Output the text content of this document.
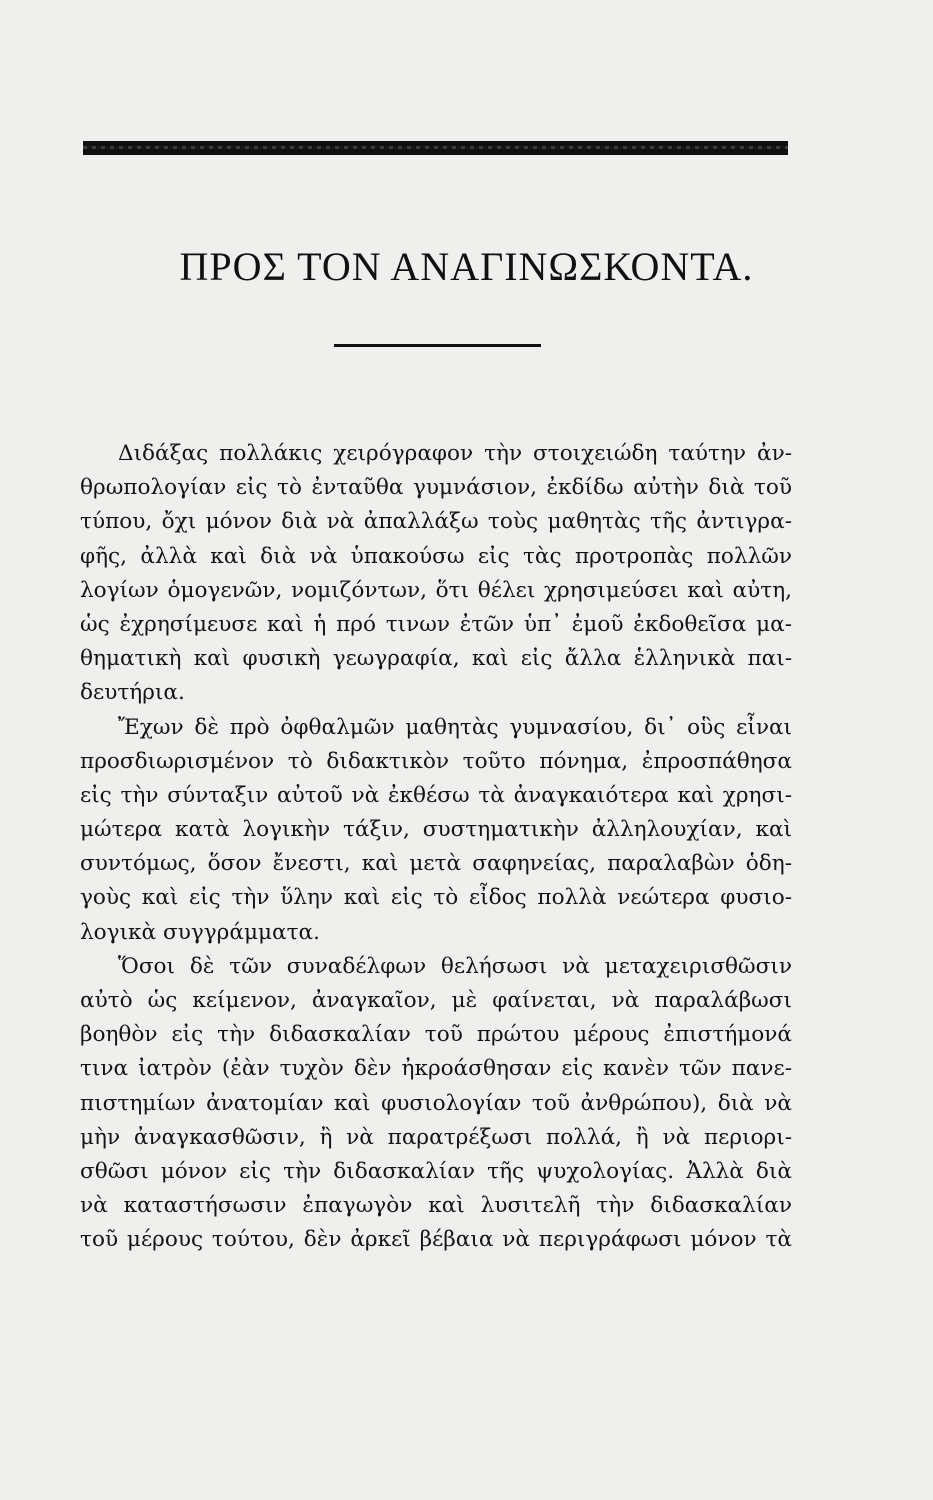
ΠΡΟΣ ΤΟΝ ΑΝΑΓΙΝΩΣΚΟΝΤΑ.
Διδάξας πολλάκις χειρόγραφον τὴν στοιχειώδη ταύτην ἀν-
θρωπολογίαν εἰς τὸ ἐνταῦθα γυμνάσιον, ἐκδίδω αὐτὴν διὰ τοῦ
τύπου, ὄχι μόνον διὰ νὰ ἀπαλλάξω τοὺς μαθητὰς τῆς ἀντιγρα-
φῆς, ἀλλὰ καὶ διὰ νὰ ὑπακούσω εἰς τὰς προτροπὰς πολλῶν
λογίων ὁμογενῶν, νομιζόντων, ὅτι θέλει χρησιμεύσει καὶ αὐτη,
ὡς ἐχρησίμευσε καὶ ἡ πρό τινων ἐτῶν ὑπ᾽ ἐμοῦ ἐκδοθεῖσα μα-
θηματικὴ καὶ φυσικὴ γεωγραφία, καὶ εἰς ἄλλα ἑλληνικὰ παι-
δευτήρια.
Ἔχων δὲ πρὸ ὀφθαλμῶν μαθητὰς γυμνασίου, δι᾽ οὓς εἶναι
προσδιωρισμένον τὸ διδακτικὸν τοῦτο πόνημα, ἐπροσπάθησα
εἰς τὴν σύνταξιν αὐτοῦ νὰ ἐκθέσω τὰ ἀναγκαιότερα καὶ χρησι-
μώτερα κατὰ λογικὴν τάξιν, συστηματικὴν ἀλληλουχίαν, καὶ
συντόμως, ὅσον ἔνεστι, καὶ μετὰ σαφηνείας, παραλαβὼν ὁδη-
γοὺς καὶ εἰς τὴν ὕλην καὶ εἰς τὸ εἶδος πολλὰ νεώτερα φυσιο-
λογικὰ συγγράμματα.
Ὅσοι δὲ τῶν συναδέλφων θελήσωσι νὰ μεταχειρισθῶσιν
αὐτὸ ὡς κείμενον, ἀναγκαῖον, μὲ φαίνεται, νὰ παραλάβωσι
βοηθὸν εἰς τὴν διδασκαλίαν τοῦ πρώτου μέρους ἐπιστήμονά
τινα ἰατρὸν (ἐὰν τυχὸν δὲν ἠκροάσθησαν εἰς κανὲν τῶν πανε-
πιστημίων ἀνατομίαν καὶ φυσιολογίαν τοῦ ἀνθρώπου), διὰ νὰ
μὴν ἀναγκασθῶσιν, ἢ νὰ παρατρέξωσι πολλά, ἢ νὰ περιορι-
σθῶσι μόνον εἰς τὴν διδασκαλίαν τῆς ψυχολογίας. Ἀλλὰ διὰ
νὰ καταστήσωσιν ἐπαγωγὸν καὶ λυσιτελῆ τὴν διδασκαλίαν
τοῦ μέρους τούτου, δὲν ἀρκεῖ βέβαια νὰ περιγράφωσι μόνον τὰ
